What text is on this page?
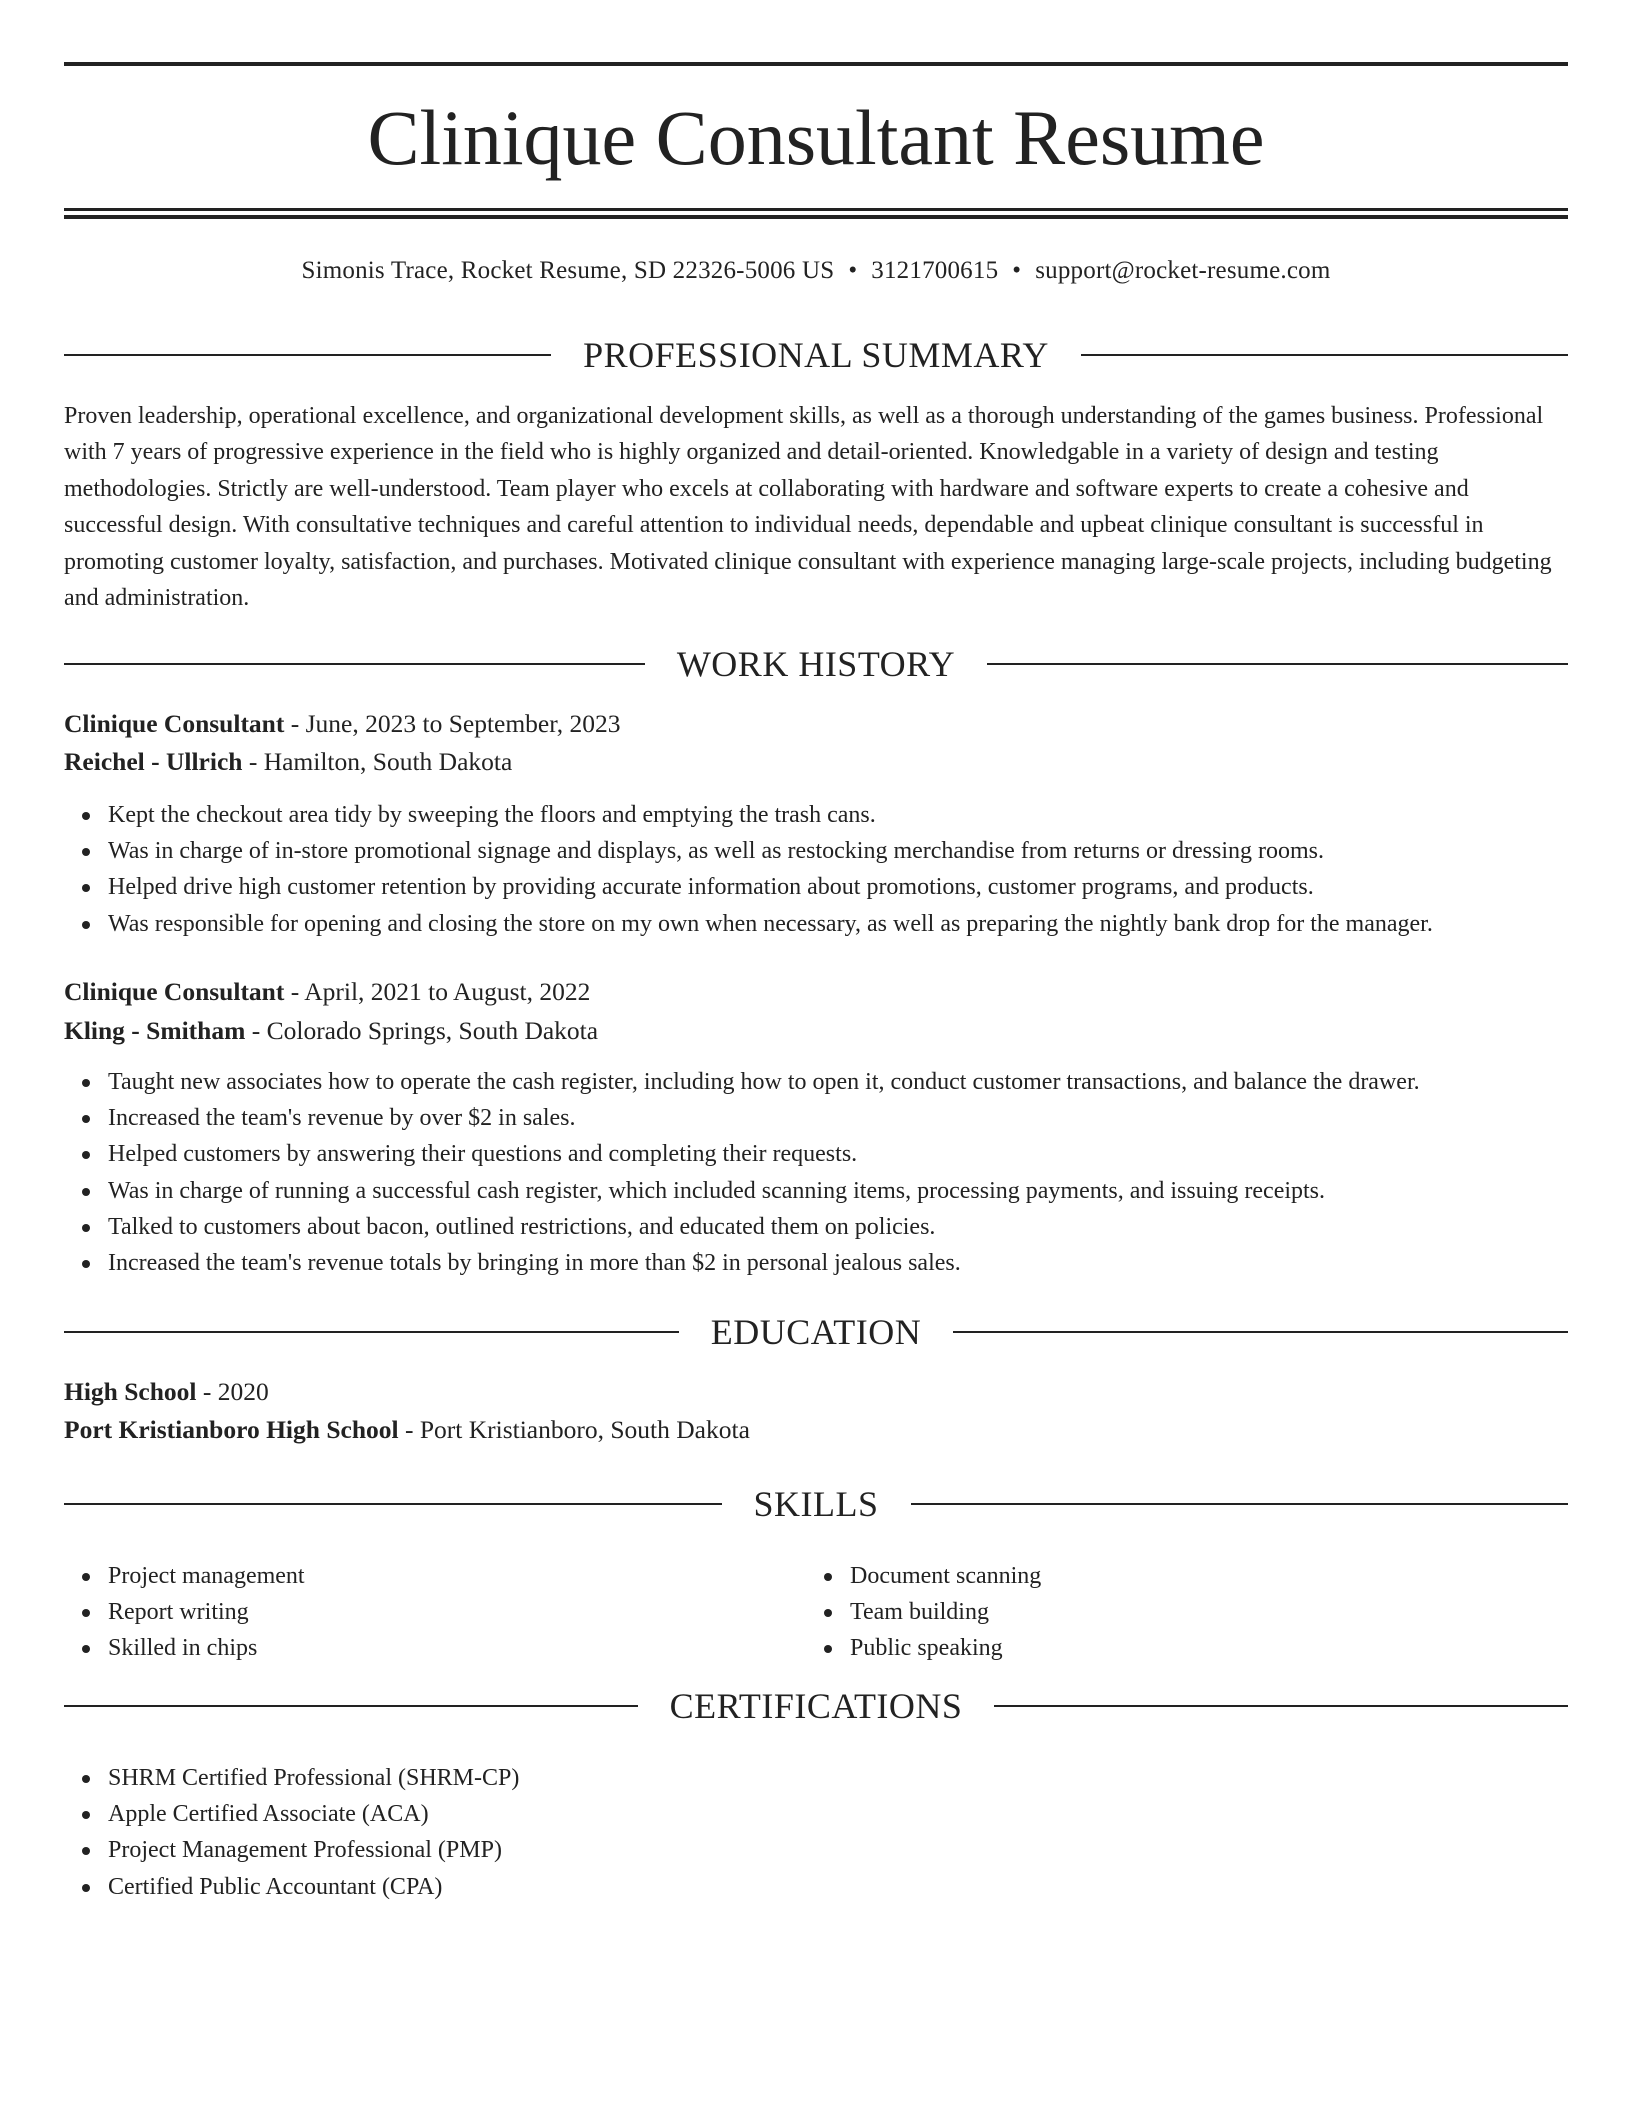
Clinique Consultant Resume
Simonis Trace, Rocket Resume, SD 22326-5006 US • 3121700615 • support@rocket-resume.com
PROFESSIONAL SUMMARY

Proven leadership, operational excellence, and organizational development skills, as well as a thorough understanding of the games business. Professional with 7 years of progressive experience in the field who is highly organized and detail-oriented. Knowledgable in a variety of design and testing methodologies. Strictly are well-understood. Team player who excels at collaborating with hardware and software experts to create a cohesive and successful design. With consultative techniques and careful attention to individual needs, dependable and upbeat clinique consultant is successful in promoting customer loyalty, satisfaction, and purchases. Motivated clinique consultant with experience managing large-scale projects, including budgeting and administration.

WORK HISTORY
Clinique Consultant - June, 2023 to September, 2023
Reichel - Ullrich - Hamilton, South Dakota
Kept the checkout area tidy by sweeping the floors and emptying the trash cans.
Was in charge of in-store promotional signage and displays, as well as restocking merchandise from returns or dressing rooms.
Helped drive high customer retention by providing accurate information about promotions, customer programs, and products.
Was responsible for opening and closing the store on my own when necessary, as well as preparing the nightly bank drop for the manager.
Clinique Consultant - April, 2021 to August, 2022
Kling - Smitham - Colorado Springs, South Dakota
Taught new associates how to operate the cash register, including how to open it, conduct customer transactions, and balance the drawer.
Increased the team's revenue by over $2 in sales.
Helped customers by answering their questions and completing their requests.
Was in charge of running a successful cash register, which included scanning items, processing payments, and issuing receipts.
Talked to customers about bacon, outlined restrictions, and educated them on policies.
Increased the team's revenue totals by bringing in more than $2 in personal jealous sales.
EDUCATION
High School - 2020
Port Kristianboro High School - Port Kristianboro, South Dakota
SKILLS
Project management
Report writing
Skilled in chips
Document scanning
Team building
Public speaking
CERTIFICATIONS
SHRM Certified Professional (SHRM-CP)
Apple Certified Associate (ACA)
Project Management Professional (PMP)
Certified Public Accountant (CPA)
